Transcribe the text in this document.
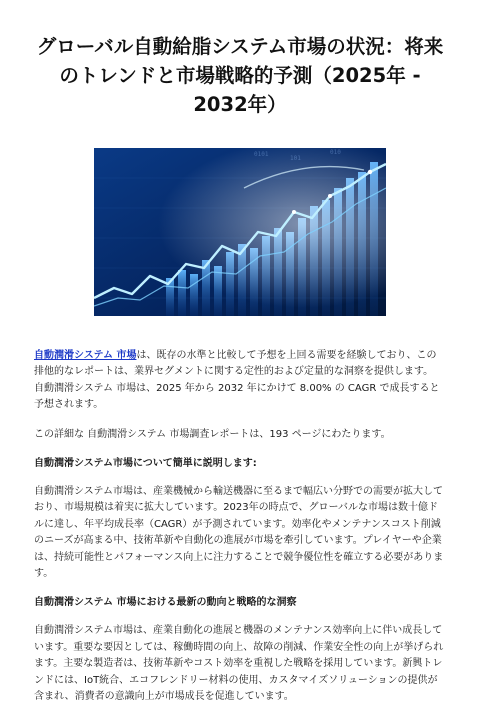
グローバル自動給脂システム市場の状況：将来のトレンドと市場戦略的予測（2025年 - 2032年）
0101
101
010

自動潤滑システム 市場は、既存の水準と比較して予想を上回る需要を経験しており、この排他的なレポートは、業界セグメントに関する定性的および定量的な洞察を提供します。 自動潤滑システム 市場は、2025 年から 2032 年にかけて 8.00% の CAGR で成長すると予想されます。

この詳細な 自動潤滑システム 市場調査レポートは、193 ページにわたります。

自動潤滑システム市場について簡単に説明します:

自動潤滑システム市場は、産業機械から輸送機器に至るまで幅広い分野での需要が拡大しており、市場規模は着実に拡大しています。2023年の時点で、グローバルな市場は数十億ドルに達し、年平均成長率（CAGR）が予測されています。効率化やメンテナンスコスト削減のニーズが高まる中、技術革新や自動化の進展が市場を牽引しています。プレイヤーや企業は、持続可能性とパフォーマンス向上に注力することで競争優位性を確立する必要があります。

自動潤滑システム 市場における最新の動向と戦略的な洞察

自動潤滑システム市場は、産業自動化の進展と機器のメンテナンス効率向上に伴い成長しています。重要な要因としては、稼働時間の向上、故障の削減、作業安全性の向上が挙げられます。主要な製造者は、技術革新やコスト効率を重視した戦略を採用しています。新興トレンドには、IoT統合、エコフレンドリー材料の使用、カスタマイズソリューションの提供が含まれ、消費者の意識向上が市場成長を促進しています。
